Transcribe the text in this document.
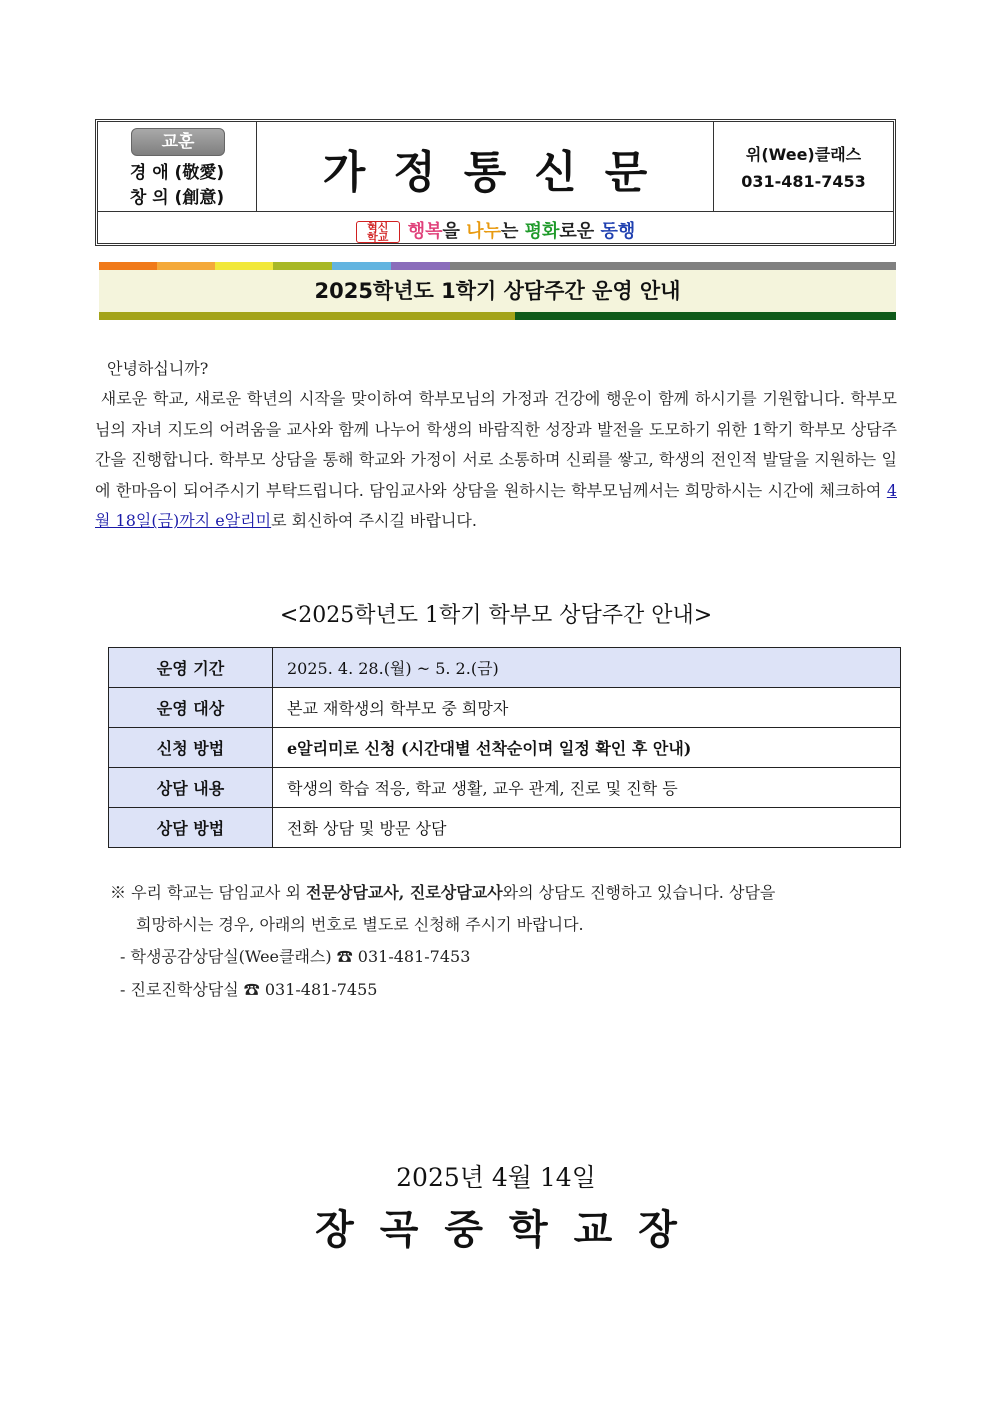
교훈
경 애 (敬愛)
창 의 (創意)	가정통신문	위(Wee)클래스
031-481-7453
혁신
학교 행복을 나누는 평화로운 동행
2025학년도 1학기 상담주간 운영 안내
안녕하십니까?
새로운 학교, 새로운 학년의 시작을 맞이하여 학부모님의 가정과 건강에 행운이 함께 하시기를 기원합니다. 학부모님의 자녀 지도의 어려움을 교사와 함께 나누어 학생의 바람직한 성장과 발전을 도모하기 위한 1학기 학부모 상담주간을 진행합니다. 학부모 상담을 통해 학교와 가정이 서로 소통하며 신뢰를 쌓고, 학생의 전인적 발달을 지원하는 일에 한마음이 되어주시기 부탁드립니다. 담임교사와 상담을 원하시는 학부모님께서는 희망하시는 시간에 체크하여 4월 18일(금)까지 e알리미로 회신하여 주시길 바랍니다.
<2025학년도 1학기 학부모 상담주간 안내>
운영 기간	2025. 4. 28.(월) ~ 5. 2.(금)
운영 대상	본교 재학생의 학부모 중 희망자
신청 방법	e알리미로 신청 (시간대별 선착순이며 일정 확인 후 안내)
상담 내용	학생의 학습 적응, 학교 생활, 교우 관계, 진로 및 진학 등
상담 방법	전화 상담 및 방문 상담
※ 우리 학교는 담임교사 외 전문상담교사, 진로상담교사와의 상담도 진행하고 있습니다. 상담을
희망하시는 경우, 아래의 번호로 별도로 신청해 주시기 바랍니다.
- 학생공감상담실(Wee클래스) ☎ 031-481-7453
- 진로진학상담실 ☎ 031-481-7455
2025년 4월 14일
장곡중학교장
